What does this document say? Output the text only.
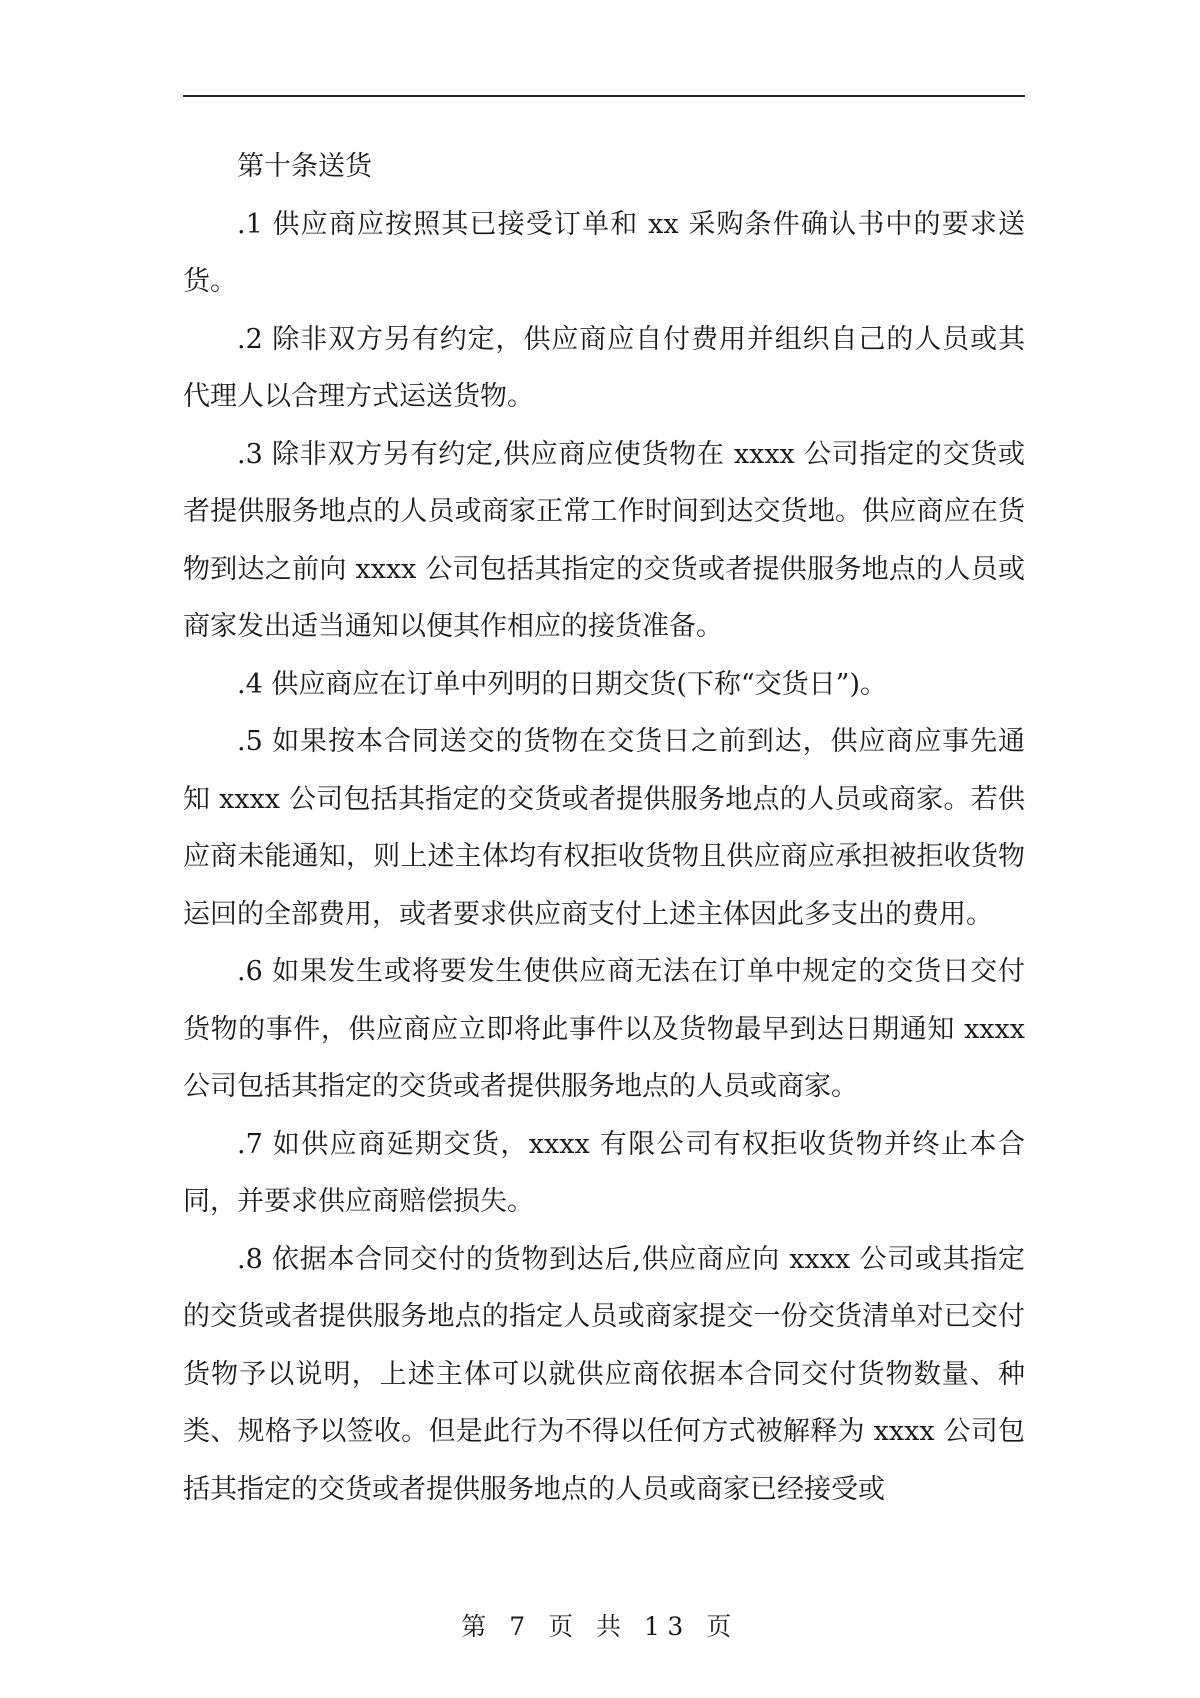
第十条送货

.1 供应商应按照其已接受订单和 xx 采购条件确认书中的要求送货。

.2 除非双方另有约定，供应商应自付费用并组织自己的人员或其代理人以合理方式运送货物。

.3 除非双方另有约定,供应商应使货物在 xxxx 公司指定的交货或者提供服务地点的人员或商家正常工作时间到达交货地。供应商应在货物到达之前向 xxxx 公司包括其指定的交货或者提供服务地点的人员或商家发出适当通知以便其作相应的接货准备。

.4 供应商应在订单中列明的日期交货(下称“交货日”)。

.5 如果按本合同送交的货物在交货日之前到达，供应商应事先通知 xxxx 公司包括其指定的交货或者提供服务地点的人员或商家。若供应商未能通知，则上述主体均有权拒收货物且供应商应承担被拒收货物运回的全部费用，或者要求供应商支付上述主体因此多支出的费用。

.6 如果发生或将要发生使供应商无法在订单中规定的交货日交付货物的事件，供应商应立即将此事件以及货物最早到达日期通知 xxxx 公司包括其指定的交货或者提供服务地点的人员或商家。

.7 如供应商延期交货，xxxx 有限公司有权拒收货物并终止本合同，并要求供应商赔偿损失。

.8 依据本合同交付的货物到达后,供应商应向 xxxx 公司或其指定的交货或者提供服务地点的指定人员或商家提交一份交货清单对已交付货物予以说明，上述主体可以就供应商依据本合同交付货物数量、种类、规格予以签收。但是此行为不得以任何方式被解释为 xxxx 公司包括其指定的交货或者提供服务地点的人员或商家已经接受或

第 7 页 共 13 页
